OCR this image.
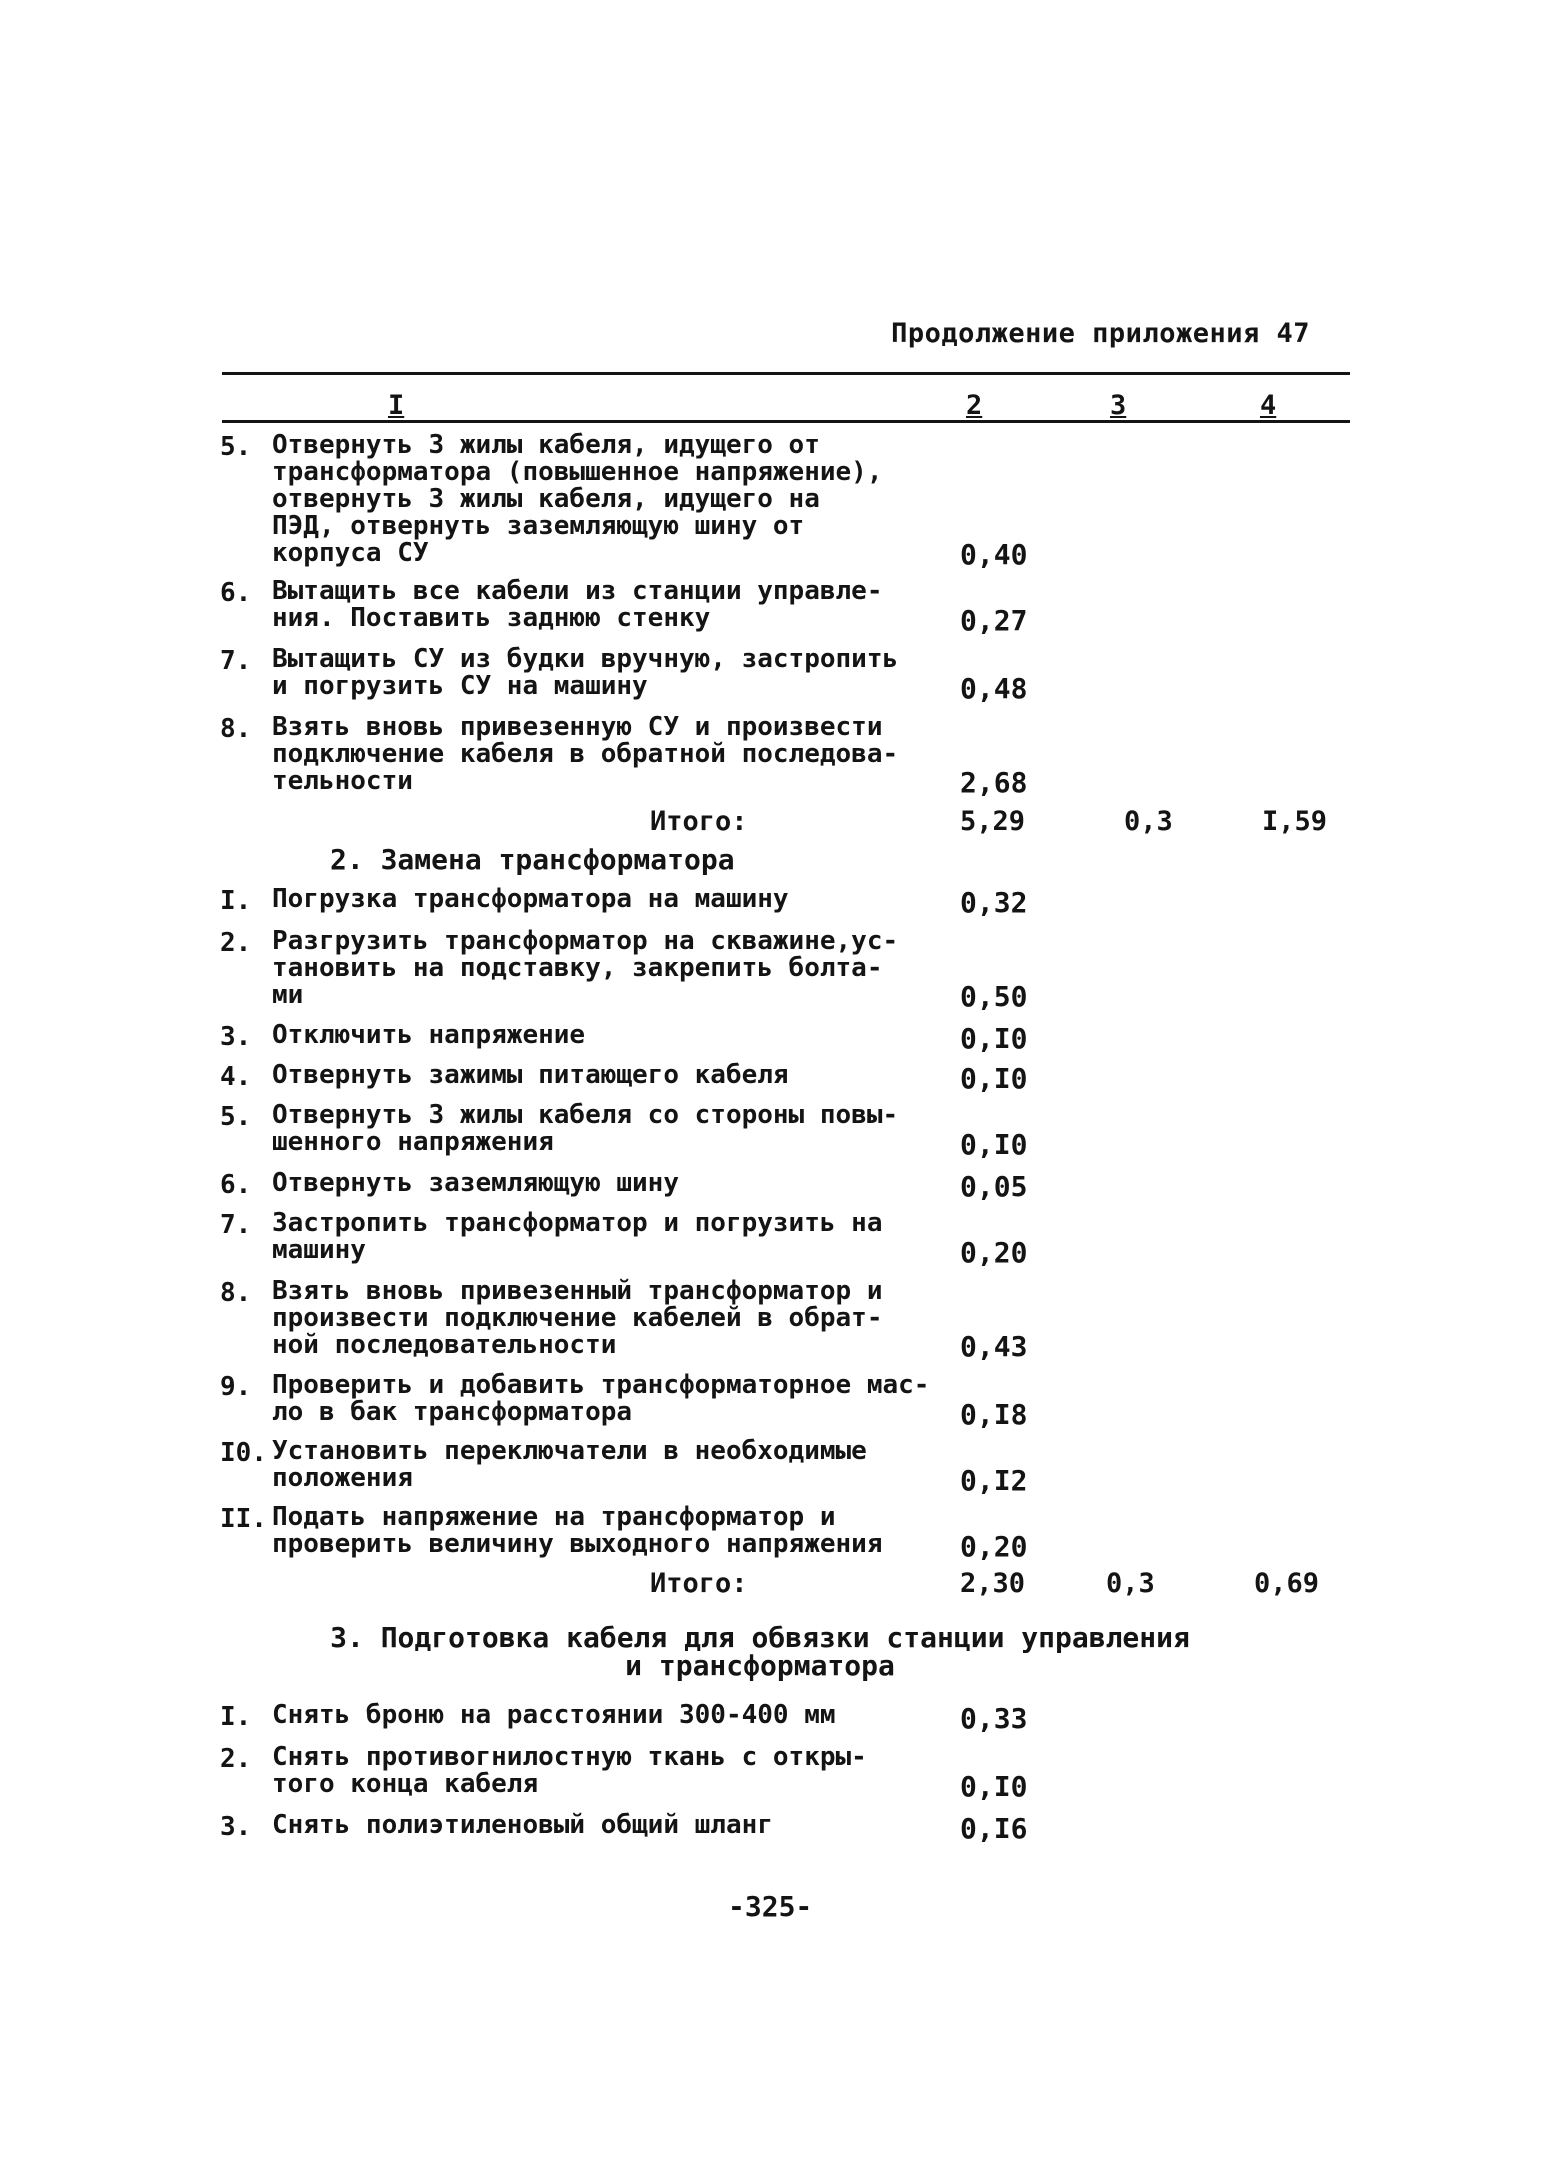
Продолжение приложения 47
I	2	3	4
5. Отвернуть 3 жилы кабеля, идущего от
трансформатора (повышенное напряжение),
отвернуть 3 жилы кабеля, идущего на
ПЭД, отвернуть заземляющую шину от
корпуса СУ	0,40
6. Вытащить все кабели из станции управле-
ния. Поставить заднюю стенку	0,27
7. Вытащить СУ из будки вручную, застропить
и погрузить СУ на машину	0,48
8. Взять вновь привезенную СУ и произвести
подключение кабеля в обратной последова-
тельности	2,68
Итого:	5,29	0,3	I,59
2. Замена трансформатора
I. Погрузка трансформатора на машину	0,32
2. Разгрузить трансформатор на скважине,ус-
тановить на подставку, закрепить болта-
ми	0,50
3. Отключить напряжение	0,I0
4. Отвернуть зажимы питающего кабеля	0,I0
5. Отвернуть 3 жилы кабеля со стороны повы-
шенного напряжения	0,I0
6. Отвернуть заземляющую шину	0,05
7. Застропить трансформатор и погрузить на
машину	0,20
8. Взять вновь привезенный трансформатор и
произвести подключение кабелей в обрат-
ной последовательности	0,43
9. Проверить и добавить трансформаторное мас-
ло в бак трансформатора	0,I8
I0. Установить переключатели в необходимые
положения	0,I2
II. Подать напряжение на трансформатор и
проверить величину выходного напряжения	0,20
Итого:	2,30	0,3	0,69
3. Подготовка кабеля для обвязки станции управления
и трансформатора
I. Снять броню на расстоянии 300-400 мм	0,33
2. Снять противогнилостную ткань с откры-
того конца кабеля	0,I0
3. Снять полиэтиленовый общий шланг	0,I6
-325-
